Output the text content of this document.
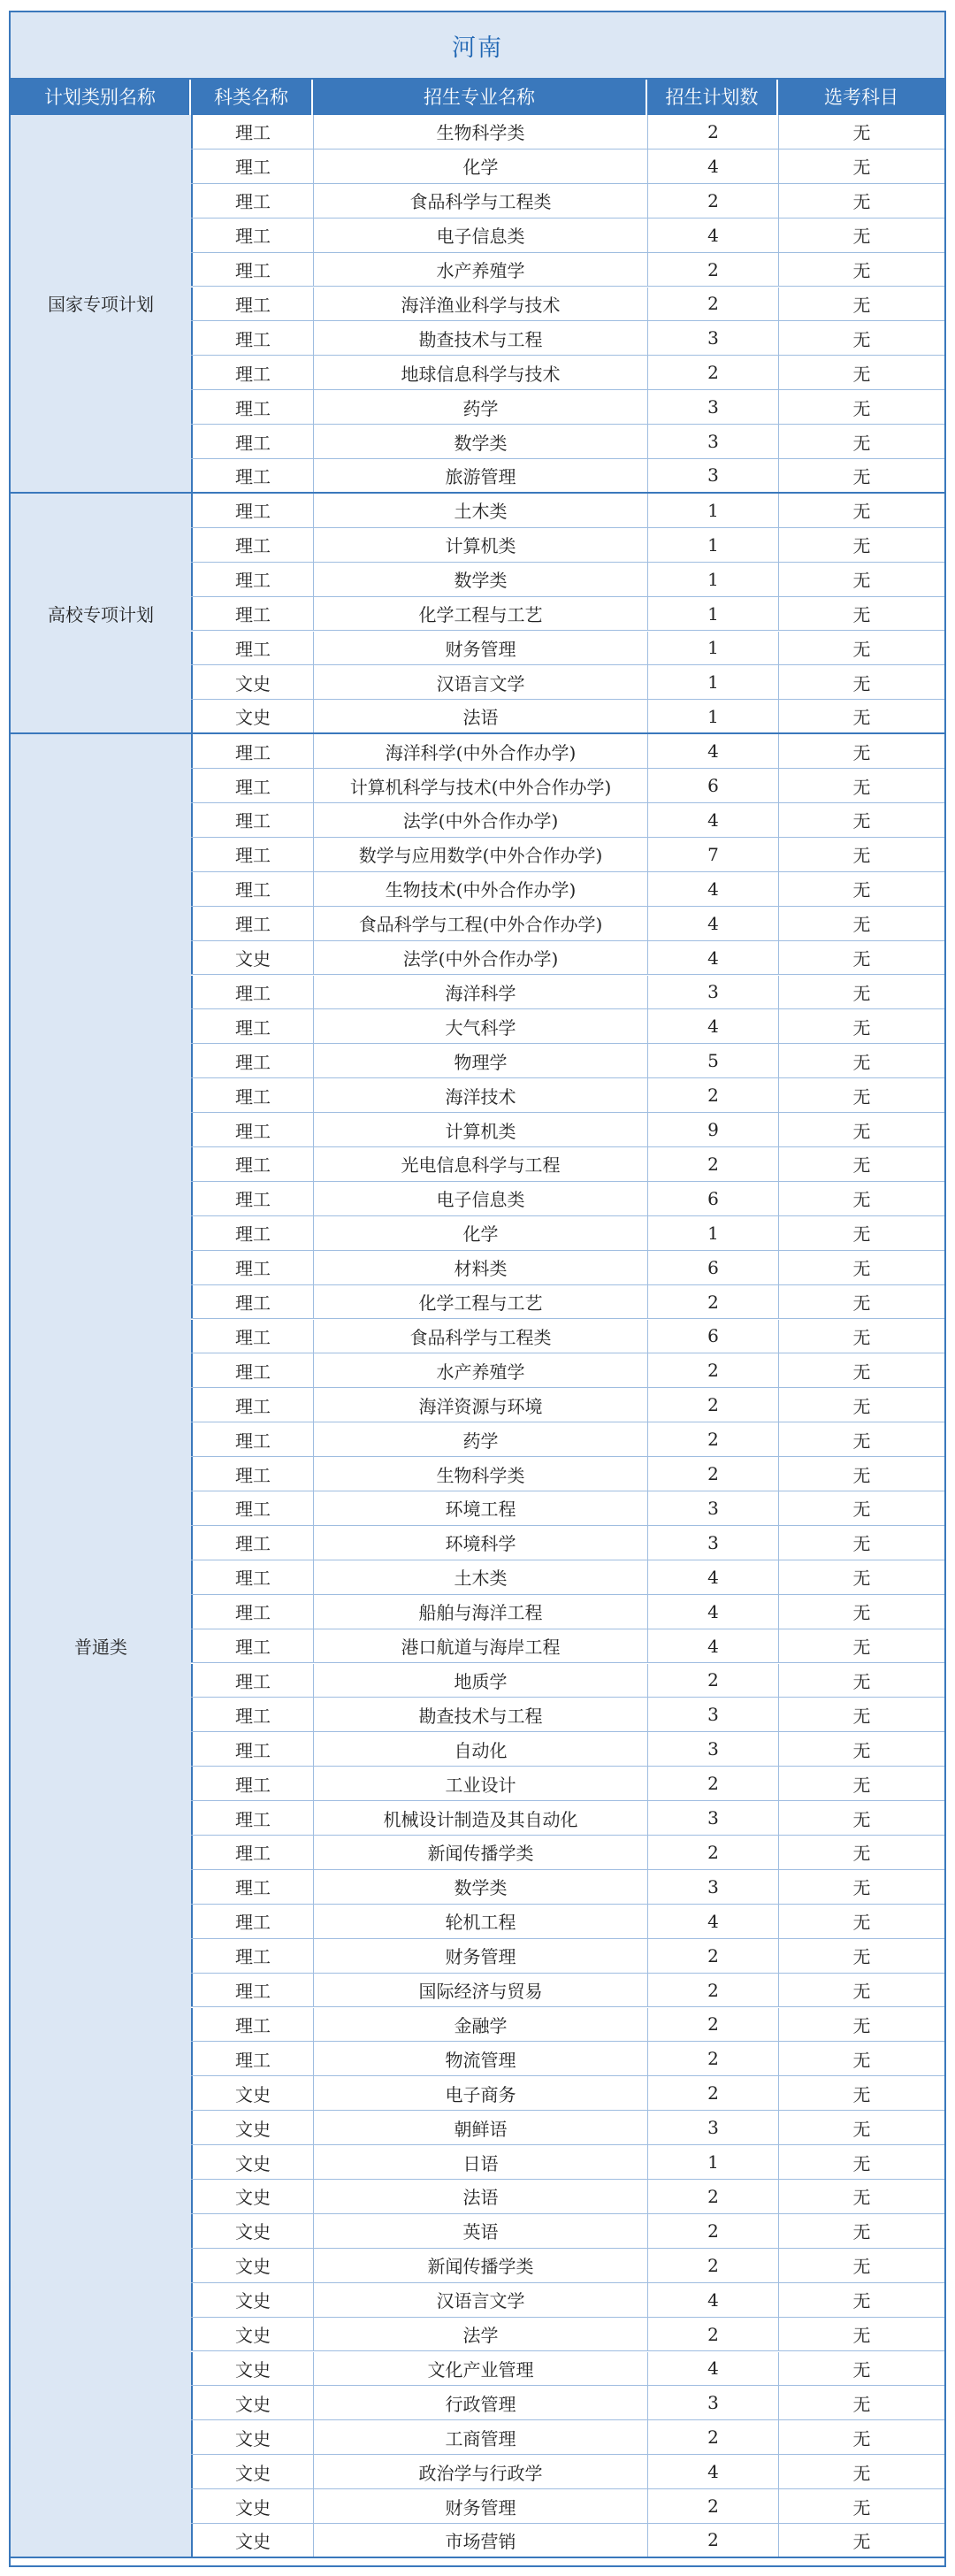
河南
计划类别名称	科类名称	招生专业名称	招生计划数	选考科目
国家专项计划
理工	生物科学类	2	无
理工	化学	4	无
理工	食品科学与工程类	2	无
理工	电子信息类	4	无
理工	水产养殖学	2	无
理工	海洋渔业科学与技术	2	无
理工	勘查技术与工程	3	无
理工	地球信息科学与技术	2	无
理工	药学	3	无
理工	数学类	3	无
理工	旅游管理	3	无
高校专项计划
理工	土木类	1	无
理工	计算机类	1	无
理工	数学类	1	无
理工	化学工程与工艺	1	无
理工	财务管理	1	无
文史	汉语言文学	1	无
文史	法语	1	无
普通类
理工	海洋科学(中外合作办学)	4	无
理工	计算机科学与技术(中外合作办学)	6	无
理工	法学(中外合作办学)	4	无
理工	数学与应用数学(中外合作办学)	7	无
理工	生物技术(中外合作办学)	4	无
理工	食品科学与工程(中外合作办学)	4	无
文史	法学(中外合作办学)	4	无
理工	海洋科学	3	无
理工	大气科学	4	无
理工	物理学	5	无
理工	海洋技术	2	无
理工	计算机类	9	无
理工	光电信息科学与工程	2	无
理工	电子信息类	6	无
理工	化学	1	无
理工	材料类	6	无
理工	化学工程与工艺	2	无
理工	食品科学与工程类	6	无
理工	水产养殖学	2	无
理工	海洋资源与环境	2	无
理工	药学	2	无
理工	生物科学类	2	无
理工	环境工程	3	无
理工	环境科学	3	无
理工	土木类	4	无
理工	船舶与海洋工程	4	无
理工	港口航道与海岸工程	4	无
理工	地质学	2	无
理工	勘查技术与工程	3	无
理工	自动化	3	无
理工	工业设计	2	无
理工	机械设计制造及其自动化	3	无
理工	新闻传播学类	2	无
理工	数学类	3	无
理工	轮机工程	4	无
理工	财务管理	2	无
理工	国际经济与贸易	2	无
理工	金融学	2	无
理工	物流管理	2	无
文史	电子商务	2	无
文史	朝鲜语	3	无
文史	日语	1	无
文史	法语	2	无
文史	英语	2	无
文史	新闻传播学类	2	无
文史	汉语言文学	4	无
文史	法学	2	无
文史	文化产业管理	4	无
文史	行政管理	3	无
文史	工商管理	2	无
文史	政治学与行政学	4	无
文史	财务管理	2	无
文史	市场营销	2	无
